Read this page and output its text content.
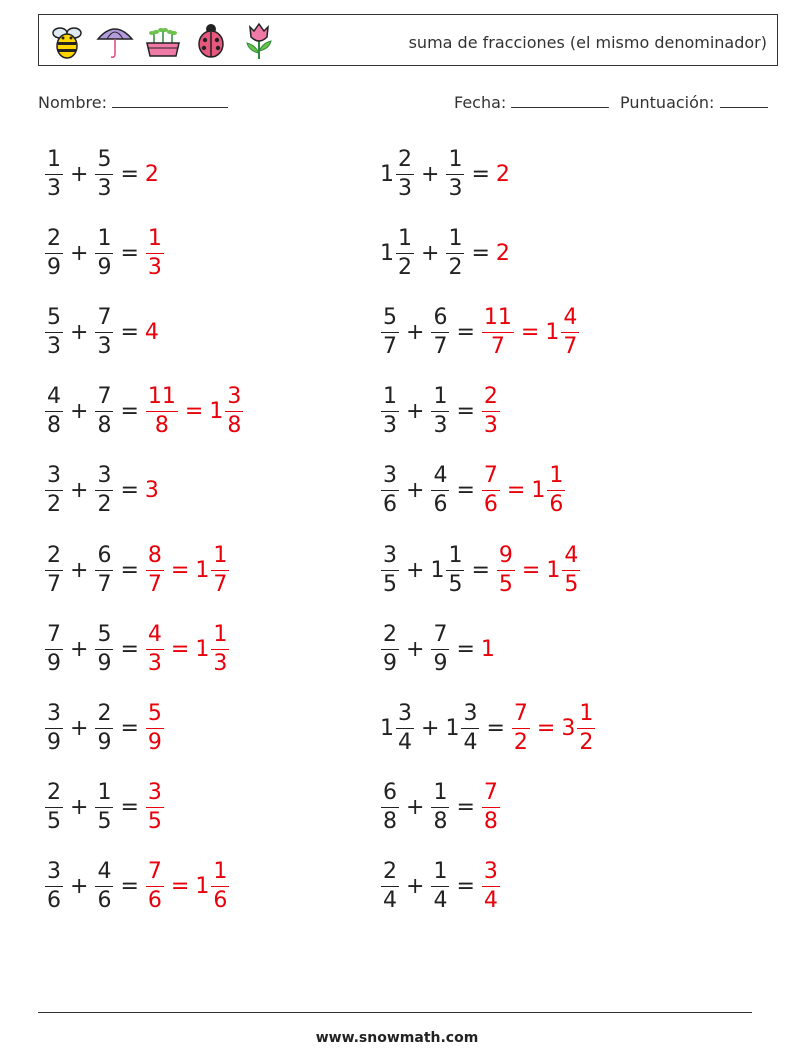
suma de fracciones (el mismo denominador)
Nombre:	Fecha:	Puntuación:
$\frac{1}{3} + \frac{5}{3} = 2$	$1 \frac{2}{3} + \frac{1}{3} = 2$
$\frac{2}{9} + \frac{1}{9} = \frac{1}{3}$	$1 \frac{1}{2} + \frac{1}{2} = 2$
$\frac{5}{3} + \frac{7}{3} = 4$	$\frac{5}{7} + \frac{6}{7} = \frac{11}{7} = 1 \frac{4}{7}$
$\frac{4}{8} + \frac{7}{8} = \frac{11}{8} = 1 \frac{3}{8}$	$\frac{1}{3} + \frac{1}{3} = \frac{2}{3}$
$\frac{3}{2} + \frac{3}{2} = 3$	$\frac{3}{6} + \frac{4}{6} = \frac{7}{6} = 1 \frac{1}{6}$
$\frac{2}{7} + \frac{6}{7} = \frac{8}{7} = 1 \frac{1}{7}$	$\frac{3}{5} + 1 \frac{1}{5} = \frac{9}{5} = 1 \frac{4}{5}$
$\frac{7}{9} + \frac{5}{9} = \frac{4}{3} = 1 \frac{1}{3}$	$\frac{2}{9} + \frac{7}{9} = 1$
$\frac{3}{9} + \frac{2}{9} = \frac{5}{9}$	$1 \frac{3}{4} + 1 \frac{3}{4} = \frac{7}{2} = 3 \frac{1}{2}$
$\frac{2}{5} + \frac{1}{5} = \frac{3}{5}$	$\frac{6}{8} + \frac{1}{8} = \frac{7}{8}$
$\frac{3}{6} + \frac{4}{6} = \frac{7}{6} = 1 \frac{1}{6}$	$\frac{2}{4} + \frac{1}{4} = \frac{3}{4}$
www.snowmath.com
